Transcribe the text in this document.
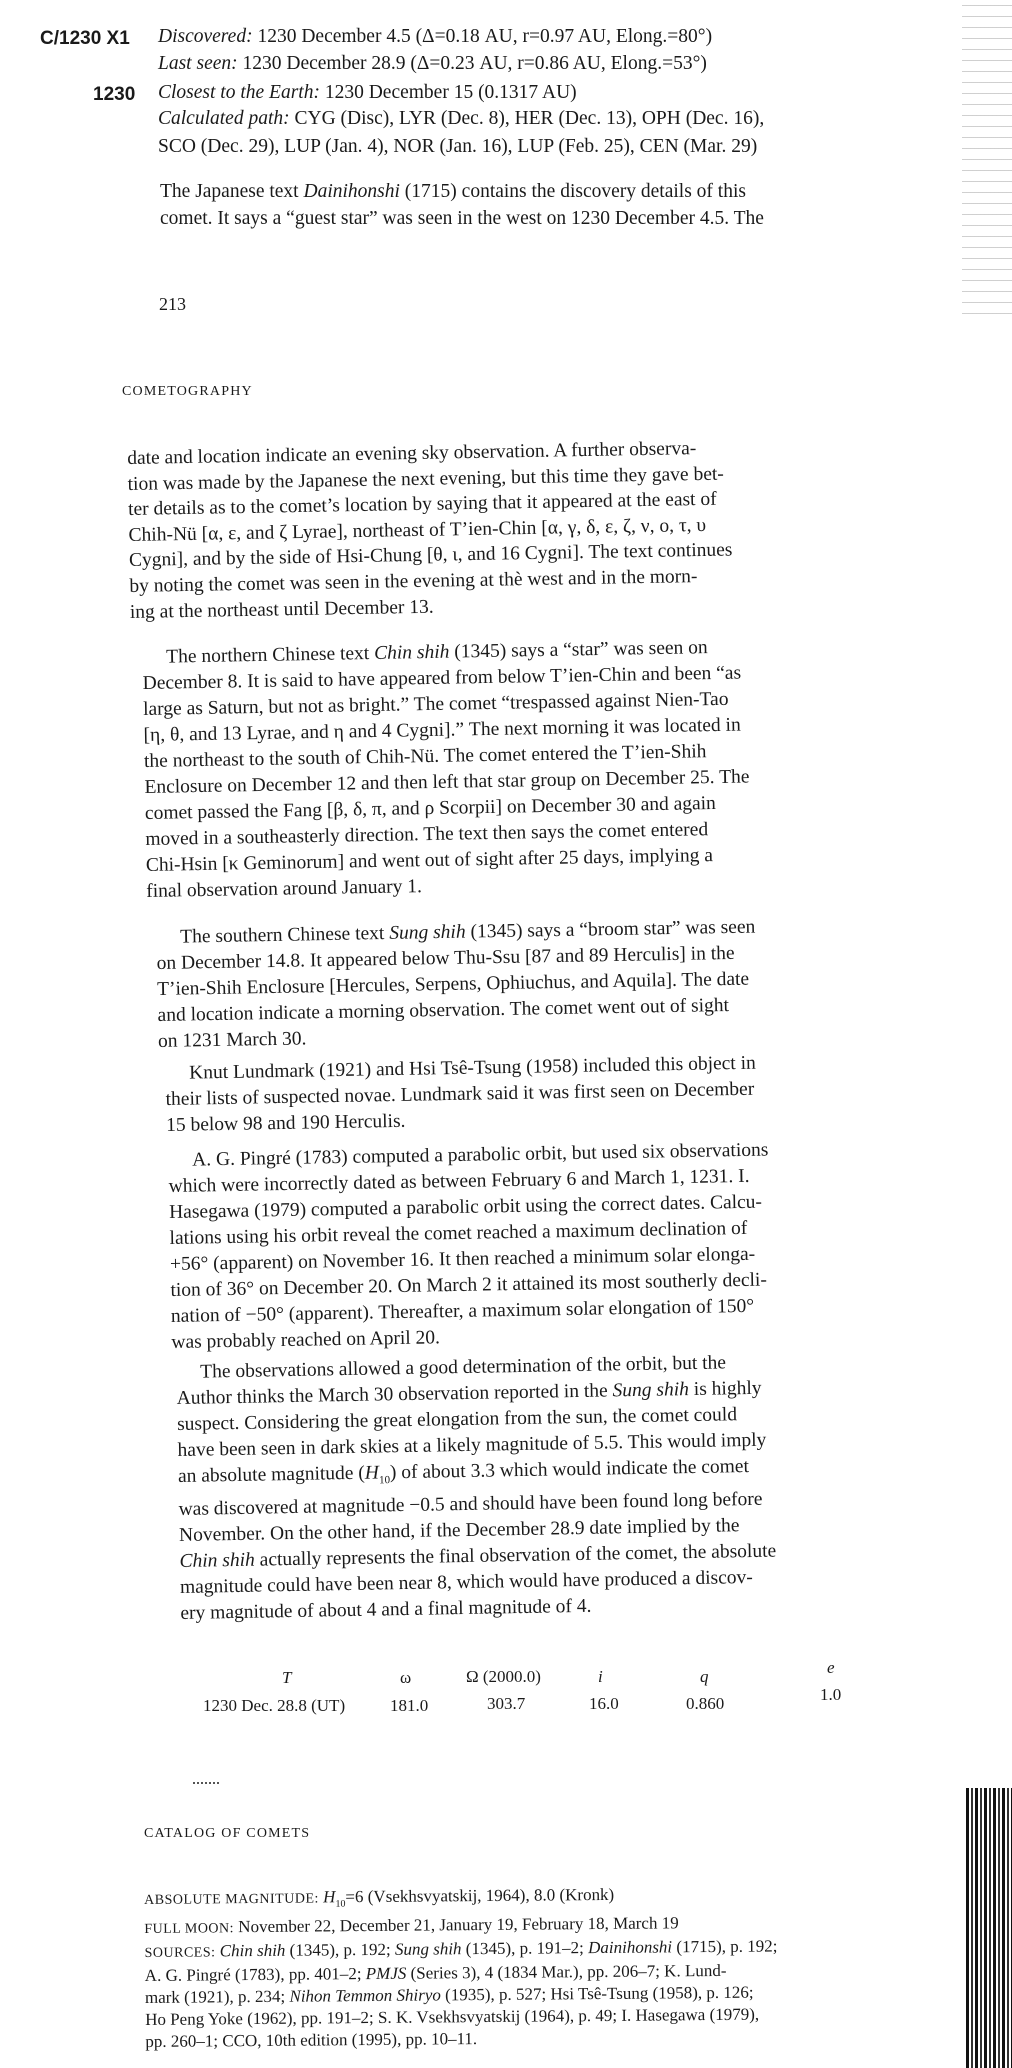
C/1230 X1
1230
Discovered: 1230 December 4.5 (Δ=0.18 AU, r=0.97 AU, Elong.=80°)
Last seen: 1230 December 28.9 (Δ=0.23 AU, r=0.86 AU, Elong.=53°)
Closest to the Earth: 1230 December 15 (0.1317 AU)
Calculated path: CYG (Disc), LYR (Dec. 8), HER (Dec. 13), OPH (Dec. 16),
SCO (Dec. 29), LUP (Jan. 4), NOR (Jan. 16), LUP (Feb. 25), CEN (Mar. 29)
The Japanese text Dainihonshi (1715) contains the discovery details of this
comet. It says a “guest star” was seen in the west on 1230 December 4.5. The
213
COMETOGRAPHY
date and location indicate an evening sky observation. A further observa-
tion was made by the Japanese the next evening, but this time they gave bet-
ter details as to the comet’s location by saying that it appeared at the east of
Chih-Nü [α, ε, and ζ Lyrae], northeast of T’ien-Chin [α, γ, δ, ε, ζ, ν, o, τ, υ
Cygni], and by the side of Hsi-Chung [θ, ι, and 16 Cygni]. The text continues
by noting the comet was seen in the evening at thè west and in the morn-
ing at the northeast until December 13.
The northern Chinese text Chin shih (1345) says a “star” was seen on
December 8. It is said to have appeared from below T’ien-Chin and been “as
large as Saturn, but not as bright.” The comet “trespassed against Nien-Tao
[η, θ, and 13 Lyrae, and η and 4 Cygni].” The next morning it was located in
the northeast to the south of Chih-Nü. The comet entered the T’ien-Shih
Enclosure on December 12 and then left that star group on December 25. The
comet passed the Fang [β, δ, π, and ρ Scorpii] on December 30 and again
moved in a southeasterly direction. The text then says the comet entered
Chi-Hsin [κ Geminorum] and went out of sight after 25 days, implying a
final observation around January 1.
The southern Chinese text Sung shih (1345) says a “broom star” was seen
on December 14.8. It appeared below Thu-Ssu [87 and 89 Herculis] in the
T’ien-Shih Enclosure [Hercules, Serpens, Ophiuchus, and Aquila]. The date
and location indicate a morning observation. The comet went out of sight
on 1231 March 30.
Knut Lundmark (1921) and Hsi Tsê-Tsung (1958) included this object in
their lists of suspected novae. Lundmark said it was first seen on December
15 below 98 and 190 Herculis.
A. G. Pingré (1783) computed a parabolic orbit, but used six observations
which were incorrectly dated as between February 6 and March 1, 1231. I.
Hasegawa (1979) computed a parabolic orbit using the correct dates. Calcu-
lations using his orbit reveal the comet reached a maximum declination of
+56° (apparent) on November 16. It then reached a minimum solar elonga-
tion of 36° on December 20. On March 2 it attained its most southerly decli-
nation of −50° (apparent). Thereafter, a maximum solar elongation of 150°
was probably reached on April 20.
The observations allowed a good determination of the orbit, but the
Author thinks the March 30 observation reported in the Sung shih is highly
suspect. Considering the great elongation from the sun, the comet could
have been seen in dark skies at a likely magnitude of 5.5. This would imply
an absolute magnitude $(H_{10})$ of about 3.3 which would indicate the comet
was discovered at magnitude −0.5 and should have been found long before
November. On the other hand, if the December 28.9 date implied by the
Chin shih actually represents the final observation of the comet, the absolute
magnitude could have been near 8, which would have produced a discov-
ery magnitude of about 4 and a final magnitude of 4.
T	ω	Ω (2000.0)	i	q	e
1230 Dec. 28.8 (UT)	181.0	303.7	16.0	0.860	1.0
CATALOG OF COMETS
ABSOLUTE MAGNITUDE: $H_{10}=6$ (Vsekhsvyatskij, 1964), 8.0 (Kronk)
FULL MOON: November 22, December 21, January 19, February 18, March 19
SOURCES: Chin shih (1345), p. 192; Sung shih (1345), p. 191–2; Dainihonshi (1715), p. 192;
A. G. Pingré (1783), pp. 401–2; PMJS (Series 3), 4 (1834 Mar.), pp. 206–7; K. Lund-
mark (1921), p. 234; Nihon Temmon Shiryo (1935), p. 527; Hsi Tsê-Tsung (1958), p. 126;
Ho Peng Yoke (1962), pp. 191–2; S. K. Vsekhsvyatskij (1964), p. 49; I. Hasegawa (1979),
pp. 260–1; CCO, 10th edition (1995), pp. 10–11.
